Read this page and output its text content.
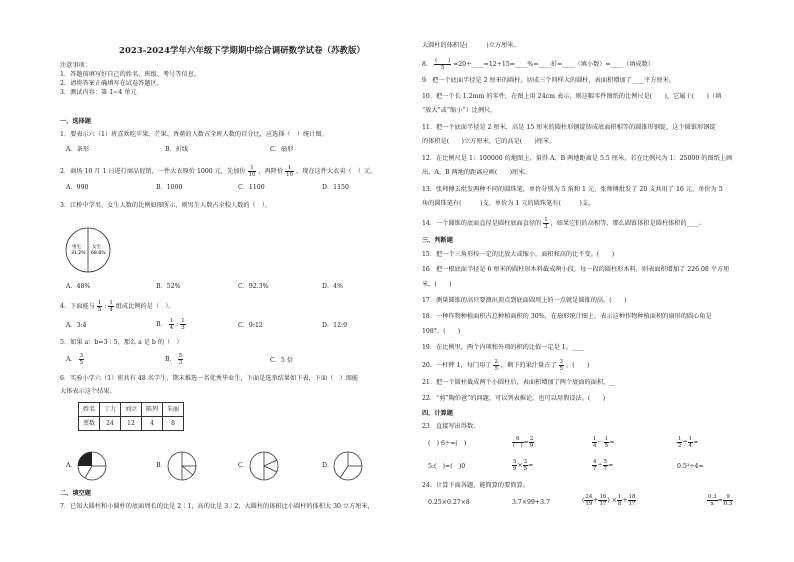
2023-2024学年六年级下学期期中综合调研数学试卷（苏教版）
注意事项：
1．答题前填写好自己的姓名、班级、考号等信息。
2．请将答案正确填写在试卷答题区。
3．测试内容：第 1~4 单元
一、选择题
1．要表示六（1）班喜欢吃苹果、芒果、香蕉的人数占全班人数的百分比，应选择（　）统计图。
A．条形	B．折线	C．扇形
2．商场 10 月 1 日进行商品促销，一件大衣原价 1000 元，先加价 $\frac{1}{10}$ ，再降价 $\frac{1}{10}$ ，现在这件大衣卖（　）元。
A．990	B．1000	C．1100	D．1150
3．江桥中学男、女生人数的比例如图所示，则男生人数占全校人数的（　）。
男生
31.2%
女生
68.8%
A．48%	B．52%	C．92.3%	D．4%
4．下面能与 $\frac{1}{5}$ : $\frac{1}{4}$ 组成比例的是（　）。
A．3:4	B． $\frac{1}{4}$ : $\frac{1}{3}$	C．9:12	D．12:9
5．如果 a：b=3∶5，那么 a 是 b 的（　）
A． $\frac{3}{5}$	B． $\frac{5}{3}$	C．5 倍
6．实验小学六（1）班共有 48 名学生，期末推选一名优秀毕业生，下面是选举结果如下表，下面（　）图能
大体表示这个结果。
姓名	丁力	刘立	陈列	朱丽
票数	24	12	4	8
A．	B．	C．	D．
二、填空题
7．已知大圆柱和小圆柱的底面周长的比是 2∶1，高的比是 3∶2，大圆柱的体积比小圆柱的体积大 30 立方厘米，
大圆柱的体积是(　　　)立方厘米。
8． $\frac{( )}{5}$ =20÷____=12÷15=____%=____折=____（填小数）=____（填成数）
9．把一个底面半径是 2 厘米的圆柱，切成三个同样大的圆柱，表面积增加了____平方厘米。
10．把一个长 1.2mm 的零件，在图上用 24cm 表示，则这幅零件图纸的比例尺是(　　)，它属于(　　)（填
“放大”或“缩小”）比例尺。
11．把一个底面半径是 2 厘米，高是 15 厘米的圆柱形钢锭铸成底面积相等的圆锥形钢锭，这个圆锥形钢锭
的体积是(　　)立方厘米，它的高是(　　)厘米。
12．在比例尺是 1：100000 的地图上，量得 A、B 两地距离是 5.5 厘米，若在比例尺为 1：25000 的图纸上画
出，A、B 两地的距离应画(　　)厘米。
13．张师傅去批发两种不同的圆珠笔，单价分别为 5 角和 1 元，张师傅批发了 20 支共用了 16 元，单价为 5
角的圆珠笔有(　　　)支，单价为 1 元的圆珠笔有(　　　)支。
14．一个圆锥的底面直径是圆柱底面直径的 $\frac{1}{3}$ ，如果它们的高相等，那么圆锥体积是圆柱体积的____。
三、判断题
15．把一个三角形按一定的比放大或缩小，面积和高的比不变。(　　)
16．把一根底面半径是 6 厘米的圆柱形木料截成两小段，每一段的圆柱形木料，则表面积增加了 226.08 平方厘
米。(　　)
17．测量圆锥的高只要测出顶点到底面圆周上的一点就是圆锥的高。(　　)
18．一种作物种植面积占总种植面积的 30%，在扇形统计图上，表示这种作物种植面积的扇形的圆心角是
108°。(　　)
19．在比例里，两个内项和外项的积的比值一定是 1。____
20．一杆秤 1，每门用了 $\frac{2}{5}$ ，剩下的果汁量占了 $\frac{3}{5}$ 。(　　)
21．把一个圆柱截成两个小圆柱后，表面积增加了两个底面的面积。__
22．“剪“陶伯爸”的问题，可以列表推论，也可以用假设法。(　　)
四、计算题
23．直接写出得数。
(　) 6÷=(　)	$\frac{6}{( )} = \frac{2}{9}$	$\frac{1}{4} - \frac{1}{5}$ =	$\frac{1}{2} \div \frac{1}{4}$ =
5:(　)=(　)0	$\frac{5}{9} \times \frac{3}{5}$ =	$\frac{4}{7} \div \frac{5}{7}$ =	0.5³÷4=
24．计算下面各题，能简算的要简算。
0.25×0.27×8	3.7×99+3.7	( $\frac{24}{19} + \frac{16}{17}$ ) × $\frac{1}{8} + \frac{18}{17}$	$\frac{0.3}{x} = \frac{9}{0.3}$
